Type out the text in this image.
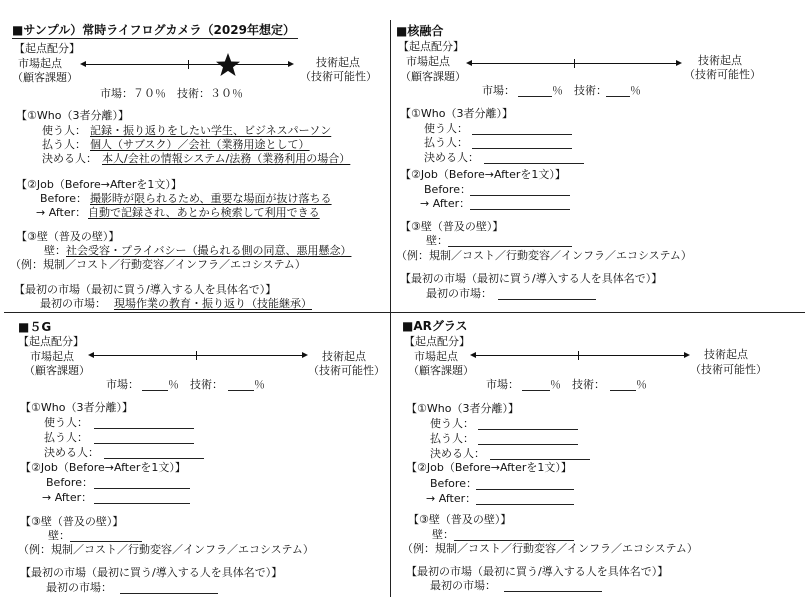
■サンプル）常時ライフログカメラ（2029年想定）
【起点配分】
市場起点
（顧客課題）
技術起点
（技術可能性）
市場：７０％　技術：３０％
【①Who（3者分離）】
使う人： 記録・振り返りをしたい学生、ビジネスパーソン
払う人： 個人（サブスク）／会社（業務用途として）
決める人： 本人/会社の情報システム/法務（業務利用の場合）
【②Job（Before→Afterを1文）】
Before： 撮影時が限られるため、重要な場面が抜け落ちる
→ After： 自動で記録され、あとから検索して利用できる
【③壁（普及の壁）】
壁： 社会受容・プライバシー（撮られる側の同意、悪用懸念）
（例：規制／コスト／行動変容／インフラ／エコシステム）
【最初の市場（最初に買う/導入する人を具体名で）】
最初の市場： 現場作業の教育・振り返り（技能継承）
■核融合
【起点配分】
市場起点
（顧客課題）
技術起点
（技術可能性）
市場：	％　技術： ％
【①Who（3者分離）】
使う人：
払う人：
決める人：
【②Job（Before→Afterを1文）】
Before：
→ After：
【③壁（普及の壁）】
壁：
（例：規制／コスト／行動変容／インフラ／エコシステム）
【最初の市場（最初に買う/導入する人を具体名で）】
最初の市場：
■５G
【起点配分】
市場起点
（顧客課題）
技術起点
（技術可能性）
市場：	％　技術：	％
【①Who（3者分離）】
使う人：
払う人：
決める人：
【②Job（Before→Afterを1文）】
Before：
→ After：
【③壁（普及の壁）】
壁：
（例：規制／コスト／行動変容／インフラ／エコシステム）
【最初の市場（最初に買う/導入する人を具体名で）】
最初の市場：
■ARグラス
【起点配分】
市場起点
（顧客課題）
技術起点
（技術可能性）
市場：	％　技術：	％
【①Who（3者分離）】
使う人：
払う人：
決める人：
【②Job（Before→Afterを1文）】
Before：
→ After：
【③壁（普及の壁）】
壁：
（例：規制／コスト／行動変容／インフラ／エコシステム）
【最初の市場（最初に買う/導入する人を具体名で）】
最初の市場：
